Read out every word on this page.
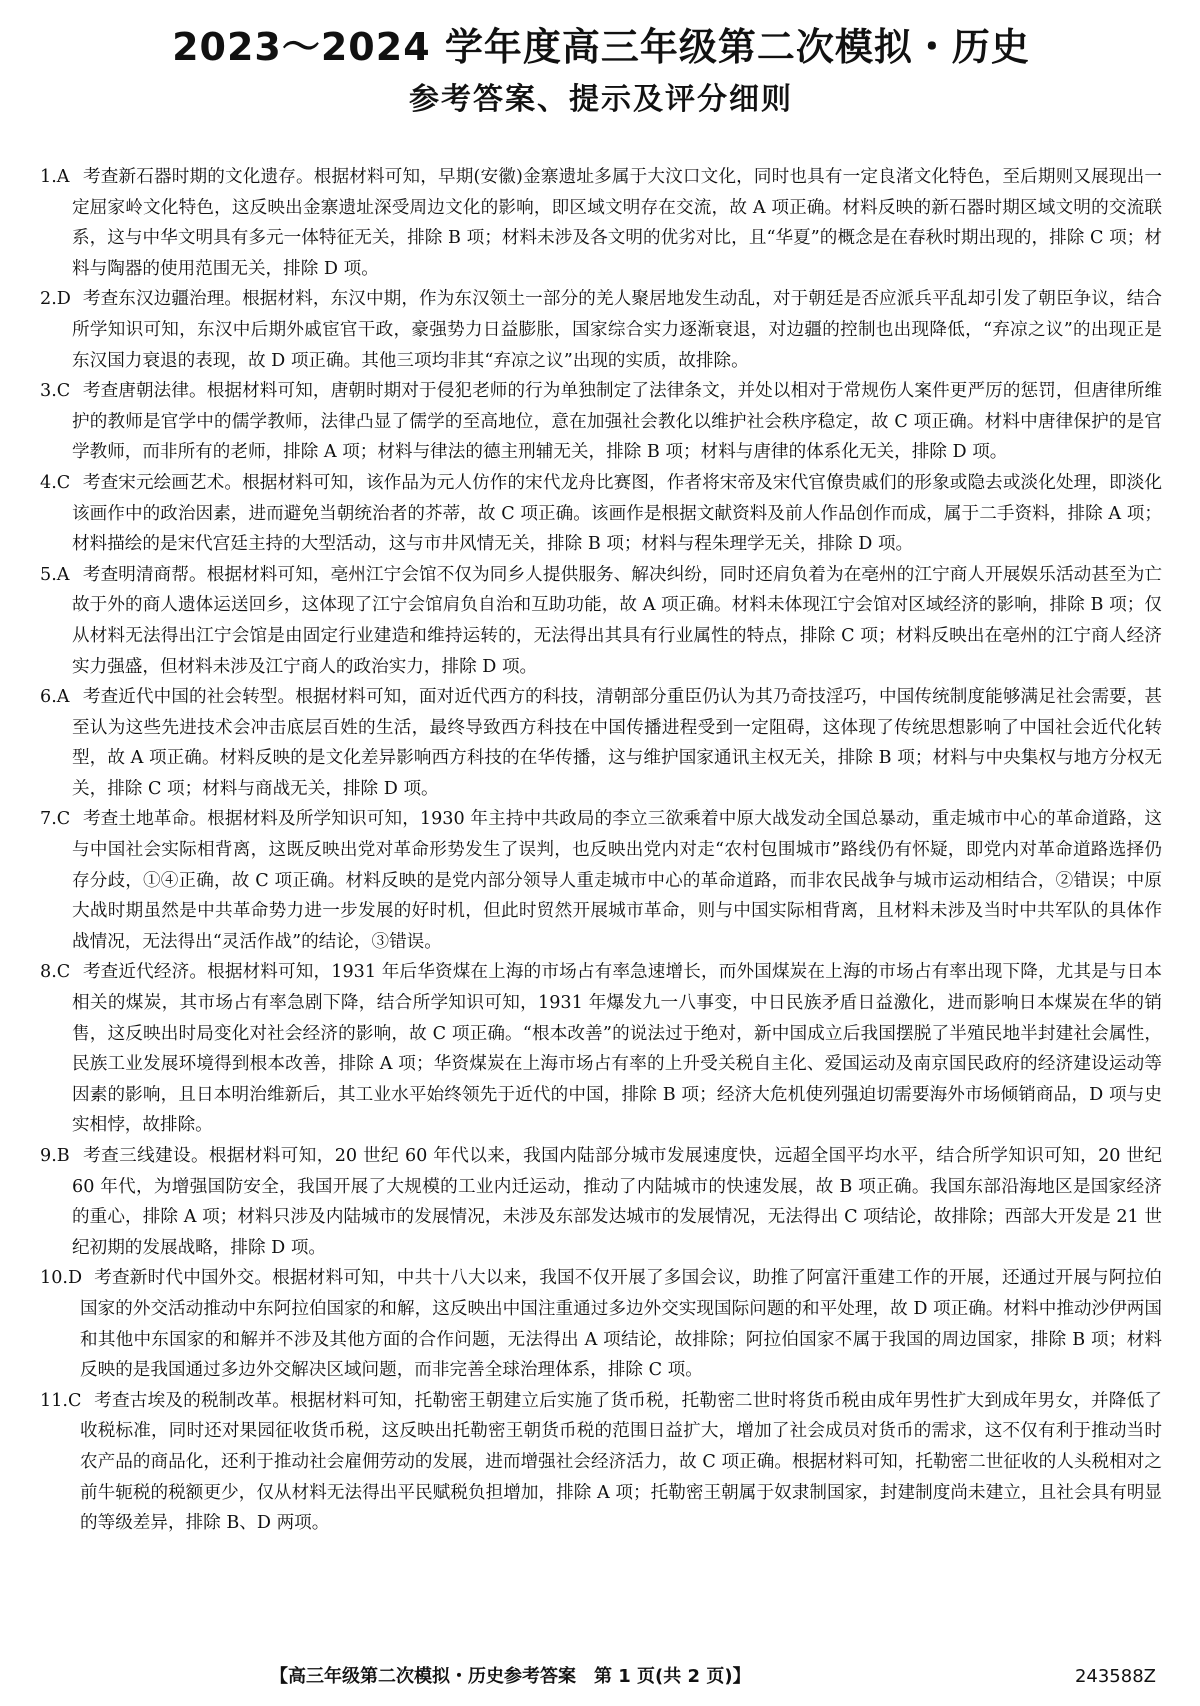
2023～2024 学年度高三年级第二次模拟・历史
参考答案、提示及评分细则

1.A 考查新石器时期的文化遗存。根据材料可知，早期(安徽)金寨遗址多属于大汶口文化，同时也具有一定良渚文化特色，至后期则又展现出一定屈家岭文化特色，这反映出金寨遗址深受周边文化的影响，即区域文明存在交流，故 A 项正确。材料反映的新石器时期区域文明的交流联系，这与中华文明具有多元一体特征无关，排除 B 项；材料未涉及各文明的优劣对比，且“华夏”的概念是在春秋时期出现的，排除 C 项；材料与陶器的使用范围无关，排除 D 项。

2.D 考查东汉边疆治理。根据材料，东汉中期，作为东汉领土一部分的羌人聚居地发生动乱，对于朝廷是否应派兵平乱却引发了朝臣争议，结合所学知识可知，东汉中后期外戚宦官干政，豪强势力日益膨胀，国家综合实力逐渐衰退，对边疆的控制也出现降低，“弃凉之议”的出现正是东汉国力衰退的表现，故 D 项正确。其他三项均非其“弃凉之议”出现的实质，故排除。

3.C 考查唐朝法律。根据材料可知，唐朝时期对于侵犯老师的行为单独制定了法律条文，并处以相对于常规伤人案件更严厉的惩罚，但唐律所维护的教师是官学中的儒学教师，法律凸显了儒学的至高地位，意在加强社会教化以维护社会秩序稳定，故 C 项正确。材料中唐律保护的是官学教师，而非所有的老师，排除 A 项；材料与律法的德主刑辅无关，排除 B 项；材料与唐律的体系化无关，排除 D 项。

4.C 考查宋元绘画艺术。根据材料可知，该作品为元人仿作的宋代龙舟比赛图，作者将宋帝及宋代官僚贵戚们的形象或隐去或淡化处理，即淡化该画作中的政治因素，进而避免当朝统治者的芥蒂，故 C 项正确。该画作是根据文献资料及前人作品创作而成，属于二手资料，排除 A 项；材料描绘的是宋代宫廷主持的大型活动，这与市井风情无关，排除 B 项；材料与程朱理学无关，排除 D 项。

5.A 考查明清商帮。根据材料可知，亳州江宁会馆不仅为同乡人提供服务、解决纠纷，同时还肩负着为在亳州的江宁商人开展娱乐活动甚至为亡故于外的商人遗体运送回乡，这体现了江宁会馆肩负自治和互助功能，故 A 项正确。材料未体现江宁会馆对区域经济的影响，排除 B 项；仅从材料无法得出江宁会馆是由固定行业建造和维持运转的，无法得出其具有行业属性的特点，排除 C 项；材料反映出在亳州的江宁商人经济实力强盛，但材料未涉及江宁商人的政治实力，排除 D 项。

6.A 考查近代中国的社会转型。根据材料可知，面对近代西方的科技，清朝部分重臣仍认为其乃奇技淫巧，中国传统制度能够满足社会需要，甚至认为这些先进技术会冲击底层百姓的生活，最终导致西方科技在中国传播进程受到一定阻碍，这体现了传统思想影响了中国社会近代化转型，故 A 项正确。材料反映的是文化差异影响西方科技的在华传播，这与维护国家通讯主权无关，排除 B 项；材料与中央集权与地方分权无关，排除 C 项；材料与商战无关，排除 D 项。

7.C 考查土地革命。根据材料及所学知识可知，1930 年主持中共政局的李立三欲乘着中原大战发动全国总暴动，重走城市中心的革命道路，这与中国社会实际相背离，这既反映出党对革命形势发生了误判，也反映出党内对走“农村包围城市”路线仍有怀疑，即党内对革命道路选择仍存分歧，①④正确，故 C 项正确。材料反映的是党内部分领导人重走城市中心的革命道路，而非农民战争与城市运动相结合，②错误；中原大战时期虽然是中共革命势力进一步发展的好时机，但此时贸然开展城市革命，则与中国实际相背离，且材料未涉及当时中共军队的具体作战情况，无法得出“灵活作战”的结论，③错误。

8.C 考查近代经济。根据材料可知，1931 年后华资煤在上海的市场占有率急速增长，而外国煤炭在上海的市场占有率出现下降，尤其是与日本相关的煤炭，其市场占有率急剧下降，结合所学知识可知，1931 年爆发九一八事变，中日民族矛盾日益激化，进而影响日本煤炭在华的销售，这反映出时局变化对社会经济的影响，故 C 项正确。“根本改善”的说法过于绝对，新中国成立后我国摆脱了半殖民地半封建社会属性，民族工业发展环境得到根本改善，排除 A 项；华资煤炭在上海市场占有率的上升受关税自主化、爱国运动及南京国民政府的经济建设运动等因素的影响，且日本明治维新后，其工业水平始终领先于近代的中国，排除 B 项；经济大危机使列强迫切需要海外市场倾销商品，D 项与史实相悖，故排除。

9.B 考查三线建设。根据材料可知，20 世纪 60 年代以来，我国内陆部分城市发展速度快，远超全国平均水平，结合所学知识可知，20 世纪 60 年代，为增强国防安全，我国开展了大规模的工业内迁运动，推动了内陆城市的快速发展，故 B 项正确。我国东部沿海地区是国家经济的重心，排除 A 项；材料只涉及内陆城市的发展情况，未涉及东部发达城市的发展情况，无法得出 C 项结论，故排除；西部大开发是 21 世纪初期的发展战略，排除 D 项。

10.D 考查新时代中国外交。根据材料可知，中共十八大以来，我国不仅开展了多国会议，助推了阿富汗重建工作的开展，还通过开展与阿拉伯国家的外交活动推动中东阿拉伯国家的和解，这反映出中国注重通过多边外交实现国际问题的和平处理，故 D 项正确。材料中推动沙伊两国和其他中东国家的和解并不涉及其他方面的合作问题，无法得出 A 项结论，故排除；阿拉伯国家不属于我国的周边国家，排除 B 项；材料反映的是我国通过多边外交解决区域问题，而非完善全球治理体系，排除 C 项。

11.C 考查古埃及的税制改革。根据材料可知，托勒密王朝建立后实施了货币税，托勒密二世时将货币税由成年男性扩大到成年男女，并降低了收税标准，同时还对果园征收货币税，这反映出托勒密王朝货币税的范围日益扩大，增加了社会成员对货币的需求，这不仅有利于推动当时农产品的商品化，还利于推动社会雇佣劳动的发展，进而增强社会经济活力，故 C 项正确。根据材料可知，托勒密二世征收的人头税相对之前牛轭税的税额更少，仅从材料无法得出平民赋税负担增加，排除 A 项；托勒密王朝属于奴隶制国家，封建制度尚未建立，且社会具有明显的等级差异，排除 B、D 两项。

【高三年级第二次模拟・历史参考答案　第 1 页(共 2 页)】	243588Z
